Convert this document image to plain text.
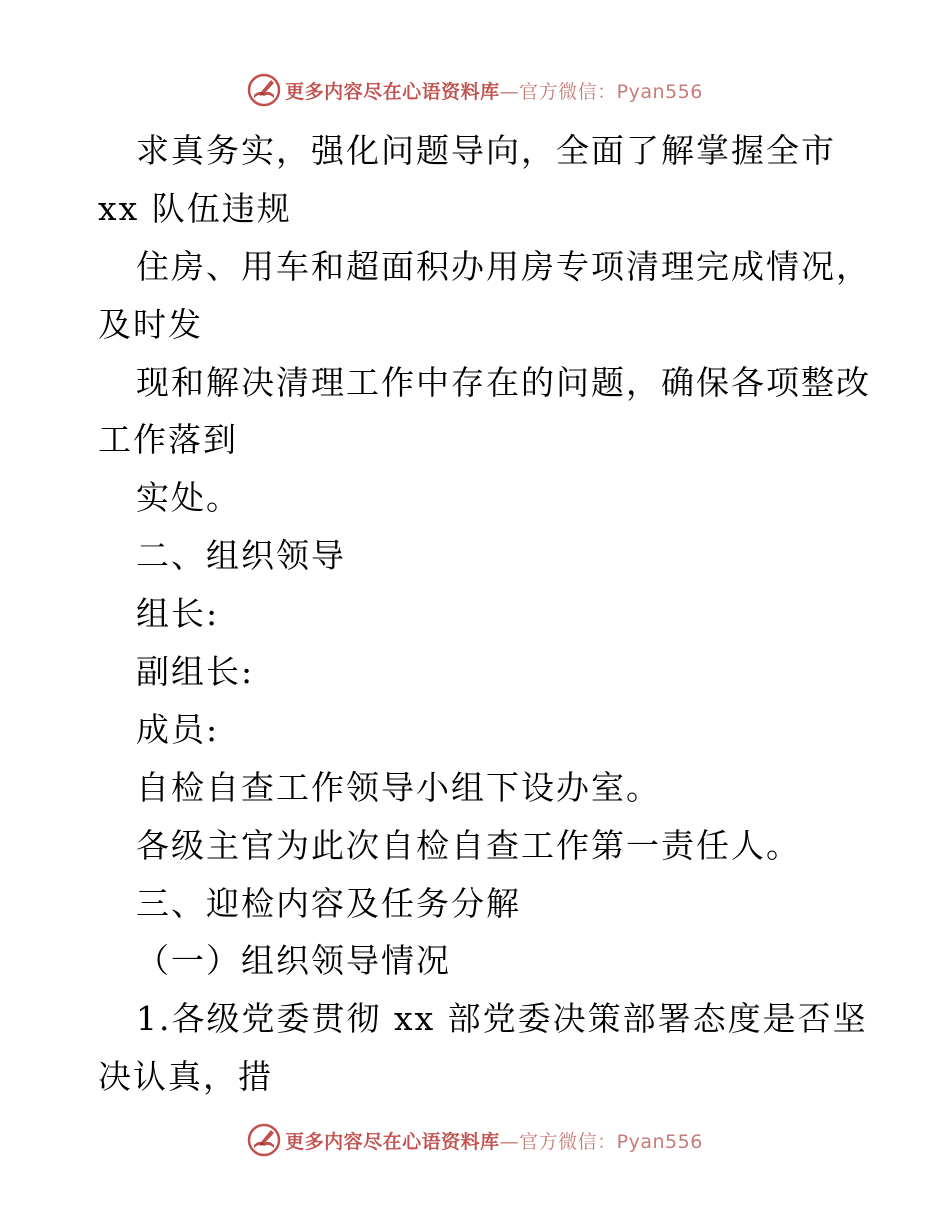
更多内容尽在心语资料库—官方微信：Pyan556
求真务实，强化问题导向，全面了解掌握全市
xx 队伍违规
住房、用车和超面积办用房专项清理完成情况，
及时发
现和解决清理工作中存在的问题，确保各项整改
工作落到
实处。
二、组织领导
组长:
副组长:
成员:
自检自查工作领导小组下设办室。
各级主官为此次自检自查工作第一责任人。
三、迎检内容及任务分解
（一）组织领导情况
1.各级党委贯彻 xx 部党委决策部署态度是否坚
决认真，措
更多内容尽在心语资料库—官方微信：Pyan556
